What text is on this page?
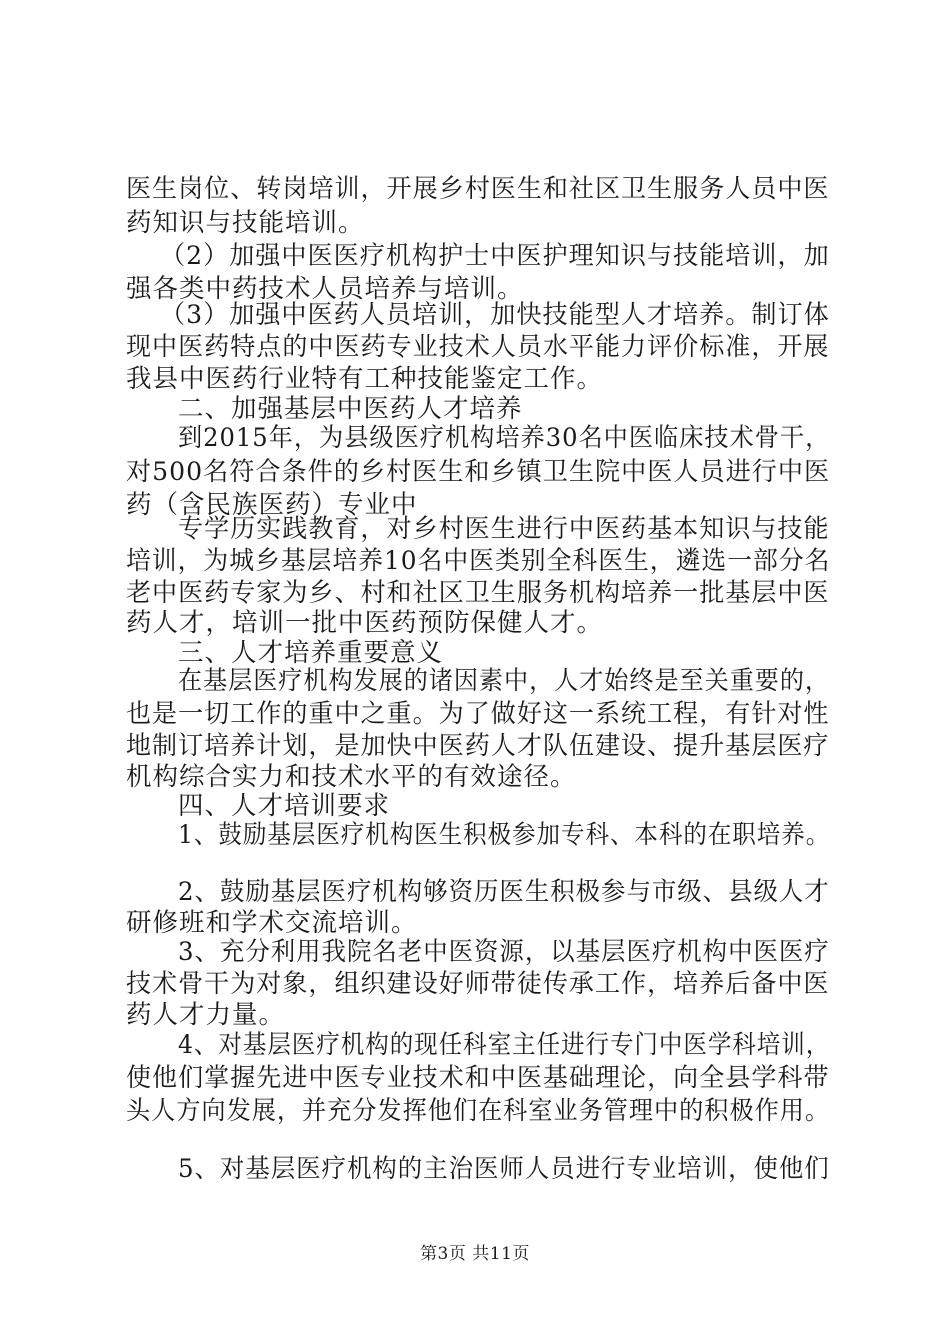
医生岗位、转岗培训，开展乡村医生和社区卫生服务人员中医
药知识与技能培训。
（2）加强中医医疗机构护士中医护理知识与技能培训，加
强各类中药技术人员培养与培训。
（3）加强中医药人员培训，加快技能型人才培养。制订体
现中医药特点的中医药专业技术人员水平能力评价标准，开展
我县中医药行业特有工种技能鉴定工作。
二、加强基层中医药人才培养
到2015年，为县级医疗机构培养30名中医临床技术骨干，
对500名符合条件的乡村医生和乡镇卫生院中医人员进行中医
药（含民族医药）专业中
专学历实践教育，对乡村医生进行中医药基本知识与技能
培训，为城乡基层培养10名中医类别全科医生，遴选一部分名
老中医药专家为乡、村和社区卫生服务机构培养一批基层中医
药人才，培训一批中医药预防保健人才。
三、人才培养重要意义
在基层医疗机构发展的诸因素中，人才始终是至关重要的，
也是一切工作的重中之重。为了做好这一系统工程，有针对性
地制订培养计划，是加快中医药人才队伍建设、提升基层医疗
机构综合实力和技术水平的有效途径。
四、人才培训要求
1、鼓励基层医疗机构医生积极参加专科、本科的在职培养。
2、鼓励基层医疗机构够资历医生积极参与市级、县级人才
研修班和学术交流培训。
3、充分利用我院名老中医资源，以基层医疗机构中医医疗
技术骨干为对象，组织建设好师带徒传承工作，培养后备中医
药人才力量。
4、对基层医疗机构的现任科室主任进行专门中医学科培训，
使他们掌握先进中医专业技术和中医基础理论，向全县学科带
头人方向发展，并充分发挥他们在科室业务管理中的积极作用。
5、对基层医疗机构的主治医师人员进行专业培训，使他们
第3页 共11页
